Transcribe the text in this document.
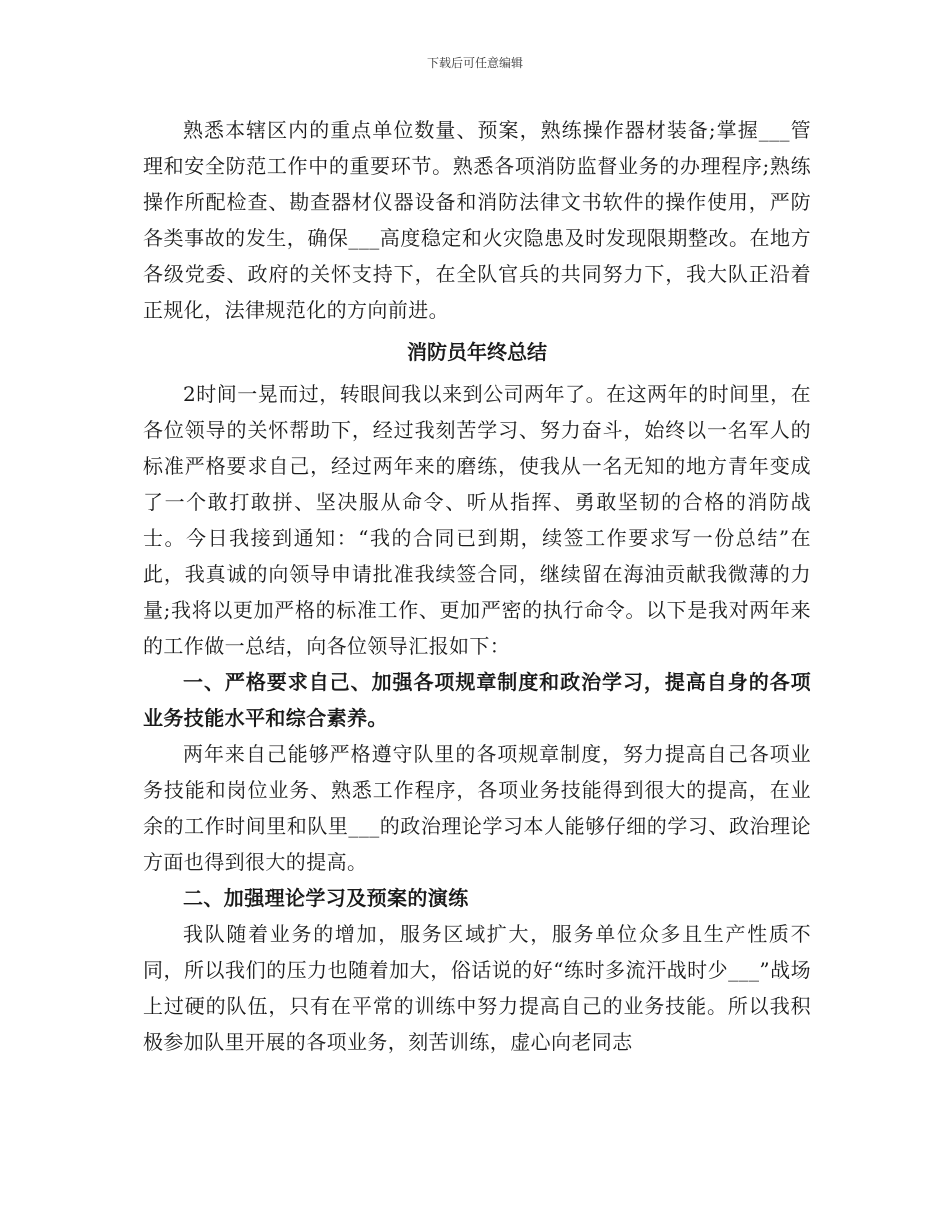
下载后可任意编辑

熟悉本辖区内的重点单位数量、预案，熟练操作器材装备;掌握___管理和安全防范工作中的重要环节。熟悉各项消防监督业务的办理程序;熟练操作所配检查、勘查器材仪器设备和消防法律文书软件的操作使用，严防各类事故的发生，确保___高度稳定和火灾隐患及时发现限期整改。在地方各级党委、政府的关怀支持下，在全队官兵的共同努力下，我大队正沿着正规化，法律规范化的方向前进。

消防员年终总结

2时间一晃而过，转眼间我以来到公司两年了。在这两年的时间里，在各位领导的关怀帮助下，经过我刻苦学习、努力奋斗，始终以一名军人的标准严格要求自己，经过两年来的磨练，使我从一名无知的地方青年变成了一个敢打敢拼、坚决服从命令、听从指挥、勇敢坚韧的合格的消防战士。今日我接到通知：“我的合同已到期，续签工作要求写一份总结”在此，我真诚的向领导申请批准我续签合同，继续留在海油贡献我微薄的力量;我将以更加严格的标准工作、更加严密的执行命令。以下是我对两年来的工作做一总结，向各位领导汇报如下：

一、严格要求自己、加强各项规章制度和政治学习，提高自身的各项业务技能水平和综合素养。

两年来自己能够严格遵守队里的各项规章制度，努力提高自己各项业务技能和岗位业务、熟悉工作程序，各项业务技能得到很大的提高，在业余的工作时间里和队里___的政治理论学习本人能够仔细的学习、政治理论方面也得到很大的提高。

二、加强理论学习及预案的演练

我队随着业务的增加，服务区域扩大，服务单位众多且生产性质不同，所以我们的压力也随着加大，俗话说的好“练时多流汗战时少___”战场上过硬的队伍，只有在平常的训练中努力提高自己的业务技能。所以我积极参加队里开展的各项业务，刻苦训练，虚心向老同志
